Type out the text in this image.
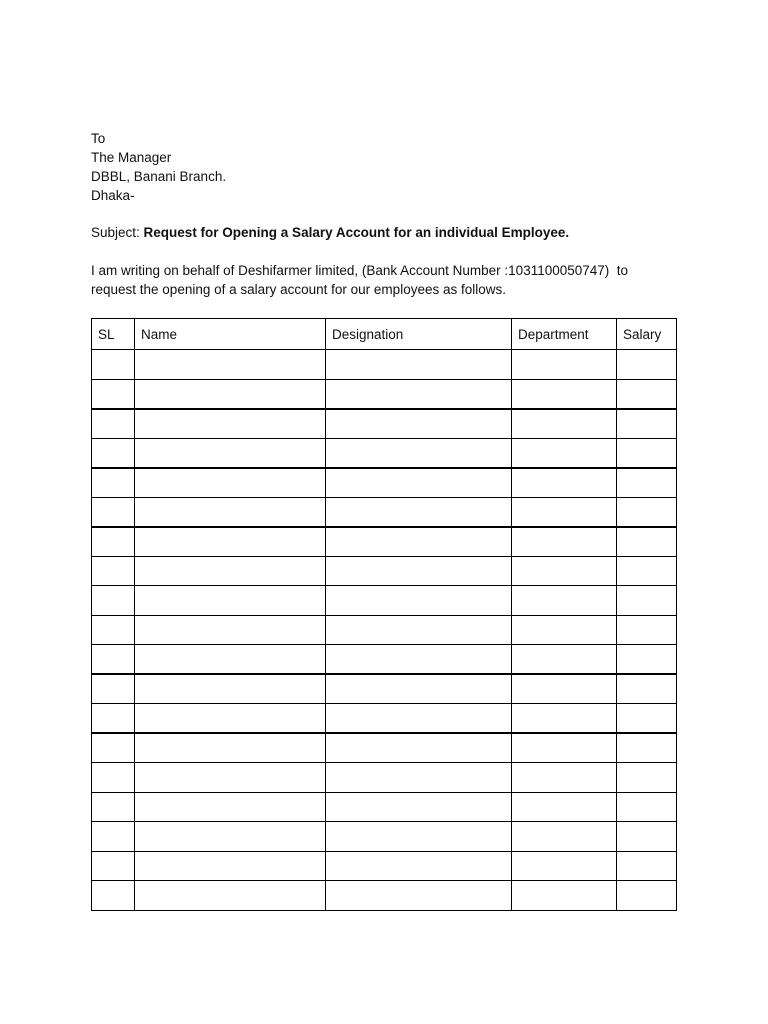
To
The Manager
DBBL, Banani Branch.
Dhaka-
Subject: Request for Opening a Salary Account for an individual Employee.
I am writing on behalf of Deshifarmer limited, (Bank Account Number :1031100050747)  to
request the opening of a salary account for our employees as follows.
SL	Name	Designation	Department	Salary
